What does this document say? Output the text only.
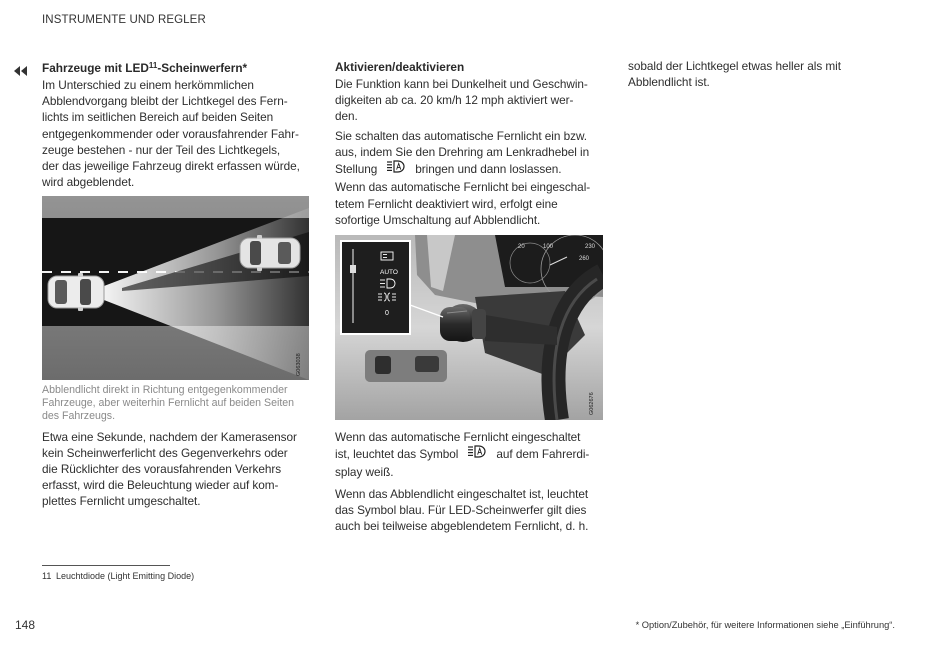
INSTRUMENTE UND REGLER
Fahrzeuge mit LED$^{11}$-Scheinwerfern*
Im Unterschied zu einem herkömmlichen
Abblendvorgang bleibt der Lichtkegel des Fern-
lichts im seitlichen Bereich auf beiden Seiten
entgegenkommender oder vorausfahrender Fahr-
zeuge bestehen - nur der Teil des Lichtkegels,
der das jeweilige Fahrzeug direkt erfassen würde,
wird abgeblendet.
G063038
Abblendlicht direkt in Richtung entgegenkommender
Fahrzeuge, aber weiterhin Fernlicht auf beiden Seiten
des Fahrzeugs.
Etwa eine Sekunde, nachdem der Kamerasensor
kein Scheinwerferlicht des Gegenverkehrs oder
die Rücklichter des vorausfahrenden Verkehrs
erfasst, wird die Beleuchtung wieder auf kom-
plettes Fernlicht umgeschaltet.
Aktivieren/deaktivieren
Die Funktion kann bei Dunkelheit und Geschwin-
digkeiten ab ca. 20 km/h 12 mph aktiviert wer-
den.
Sie schalten das automatische Fernlicht ein bzw.
aus, indem Sie den Drehring am Lenkradhebel in
Stellung	bringen und dann loslassen.
Wenn das automatische Fernlicht bei eingeschal-
tetem Fernlicht deaktiviert wird, erfolgt eine
sofortige Umschaltung auf Abblendlicht.
20	100	230
260
AUTO
0
G062676
Wenn das automatische Fernlicht eingeschaltet
ist, leuchtet das Symbol	auf dem Fahrerdi-
splay weiß.
Wenn das Abblendlicht eingeschaltet ist, leuchtet
das Symbol blau. Für LED-Scheinwerfer gilt dies
auch bei teilweise abgeblendetem Fernlicht, d. h.
sobald der Lichtkegel etwas heller als mit
Abblendlicht ist.
11 Leuchtdiode (Light Emitting Diode)
148	* Option/Zubehör, für weitere Informationen siehe „Einführung“.
